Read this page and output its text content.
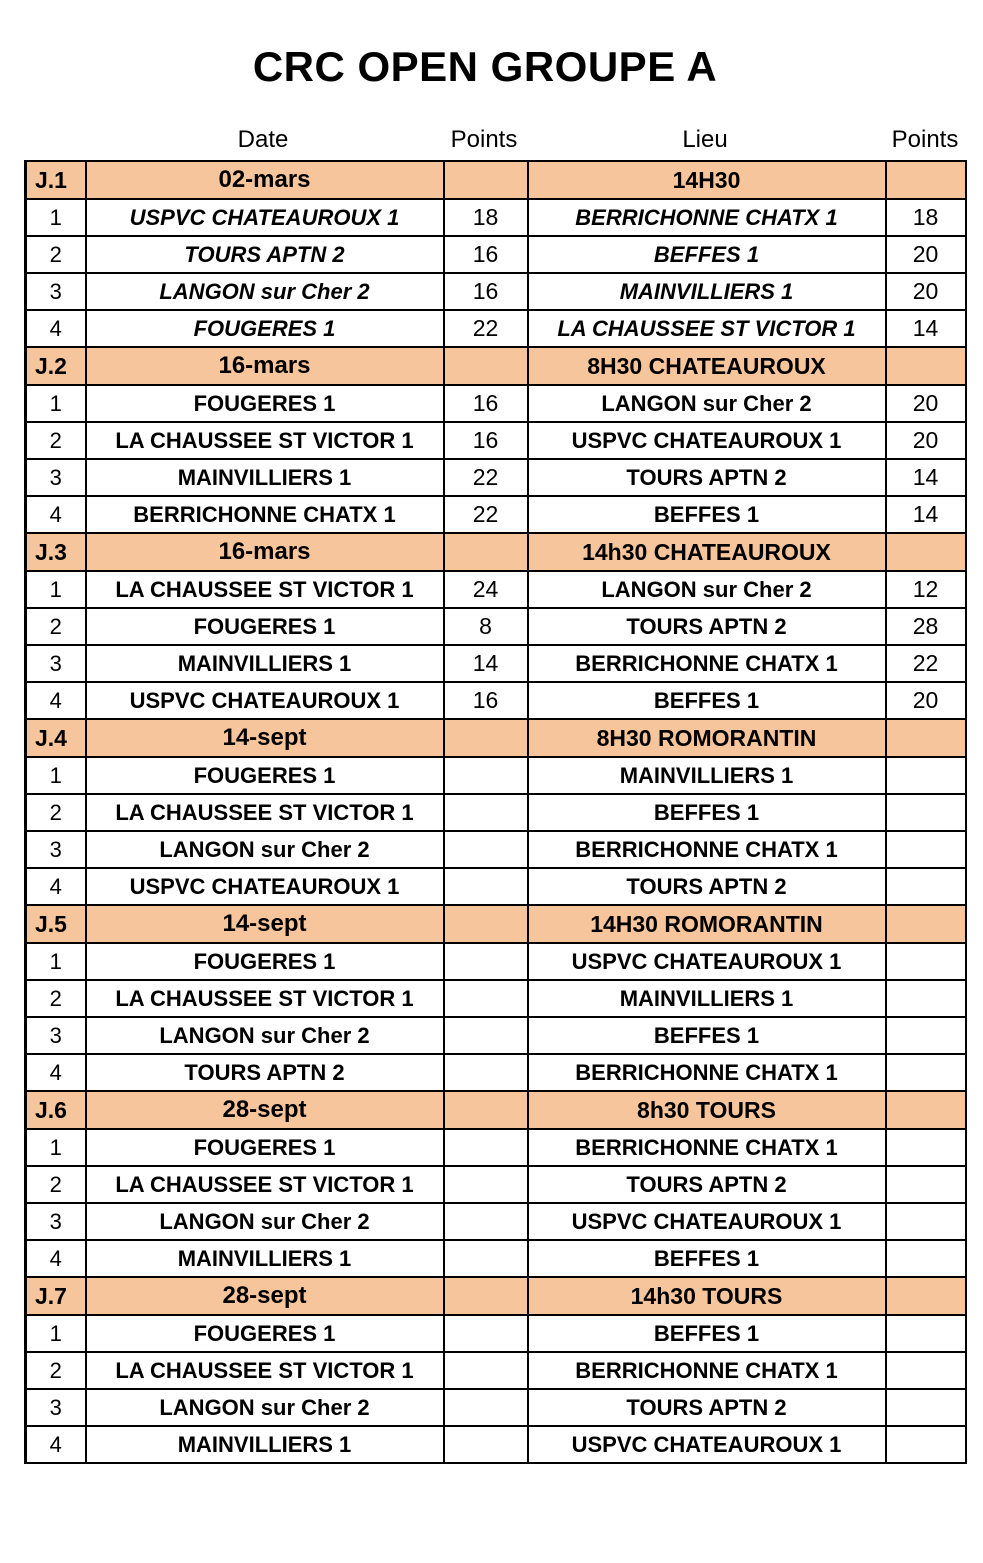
CRC OPEN GROUPE A
Date	Points	Lieu	Points
J.1	02-mars		14H30	
1	USPVC CHATEAUROUX 1	18	BERRICHONNE CHATX 1	18
2	TOURS APTN 2	16	BEFFES 1	20
3	LANGON sur Cher 2	16	MAINVILLIERS 1	20
4	FOUGERES 1	22	LA CHAUSSEE ST VICTOR 1	14
J.2	16-mars		8H30 CHATEAUROUX	
1	FOUGERES 1	16	LANGON sur Cher 2	20
2	LA CHAUSSEE ST VICTOR 1	16	USPVC CHATEAUROUX 1	20
3	MAINVILLIERS 1	22	TOURS APTN 2	14
4	BERRICHONNE CHATX 1	22	BEFFES 1	14
J.3	16-mars		14h30 CHATEAUROUX	
1	LA CHAUSSEE ST VICTOR 1	24	LANGON sur Cher 2	12
2	FOUGERES 1	8	TOURS APTN 2	28
3	MAINVILLIERS 1	14	BERRICHONNE CHATX 1	22
4	USPVC CHATEAUROUX 1	16	BEFFES 1	20
J.4	14-sept		8H30 ROMORANTIN	
1	FOUGERES 1		MAINVILLIERS 1	
2	LA CHAUSSEE ST VICTOR 1		BEFFES 1	
3	LANGON sur Cher 2		BERRICHONNE CHATX 1	
4	USPVC CHATEAUROUX 1		TOURS APTN 2	
J.5	14-sept		14H30 ROMORANTIN	
1	FOUGERES 1		USPVC CHATEAUROUX 1	
2	LA CHAUSSEE ST VICTOR 1		MAINVILLIERS 1	
3	LANGON sur Cher 2		BEFFES 1	
4	TOURS APTN 2		BERRICHONNE CHATX 1	
J.6	28-sept		8h30 TOURS	
1	FOUGERES 1		BERRICHONNE CHATX 1	
2	LA CHAUSSEE ST VICTOR 1		TOURS APTN 2	
3	LANGON sur Cher 2		USPVC CHATEAUROUX 1	
4	MAINVILLIERS 1		BEFFES 1	
J.7	28-sept		14h30 TOURS	
1	FOUGERES 1		BEFFES 1	
2	LA CHAUSSEE ST VICTOR 1		BERRICHONNE CHATX 1	
3	LANGON sur Cher 2		TOURS APTN 2	
4	MAINVILLIERS 1		USPVC CHATEAUROUX 1	
